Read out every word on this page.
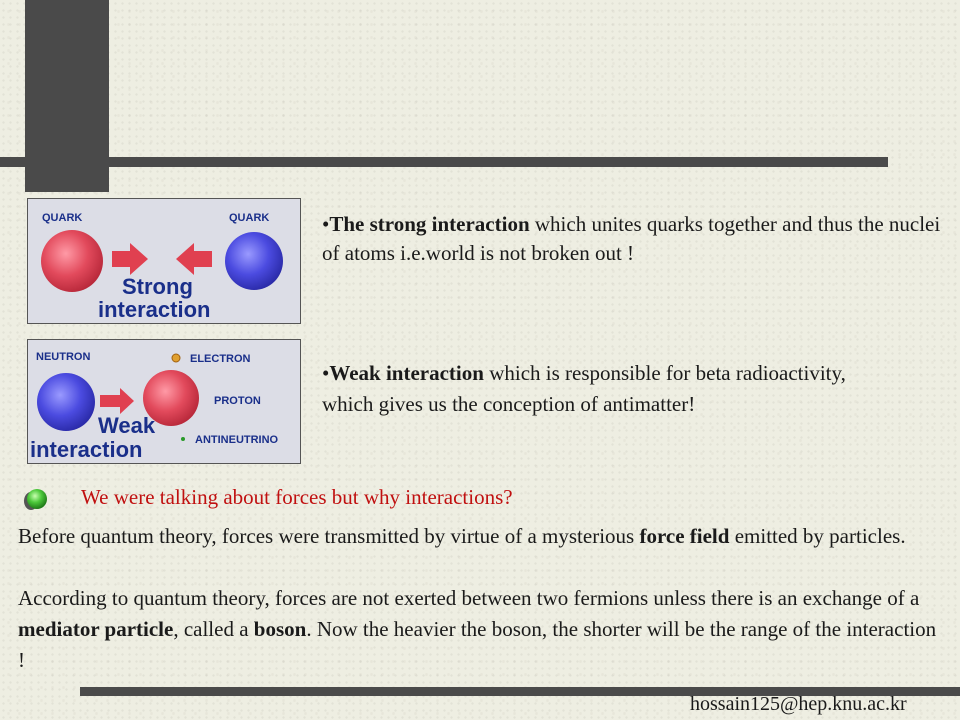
QUARK	QUARK
Strong
interaction
NEUTRON	ELECTRON
PROTON
ANTINEUTRINO
Weak
interaction
•The strong interaction which unites quarks together and thus the nuclei of atoms i.e.world is not broken out !
•Weak interaction which is responsible for beta radioactivity, which gives us the conception of antimatter!
We were talking about forces but why interactions?
Before quantum theory, forces were transmitted by virtue of a mysterious force field emitted by particles.
According to quantum theory, forces are not exerted between two fermions unless there is an exchange of a mediator particle, called a boson. Now the heavier the boson, the shorter will be the range of the interaction !
hossain125@hep.knu.ac.kr
